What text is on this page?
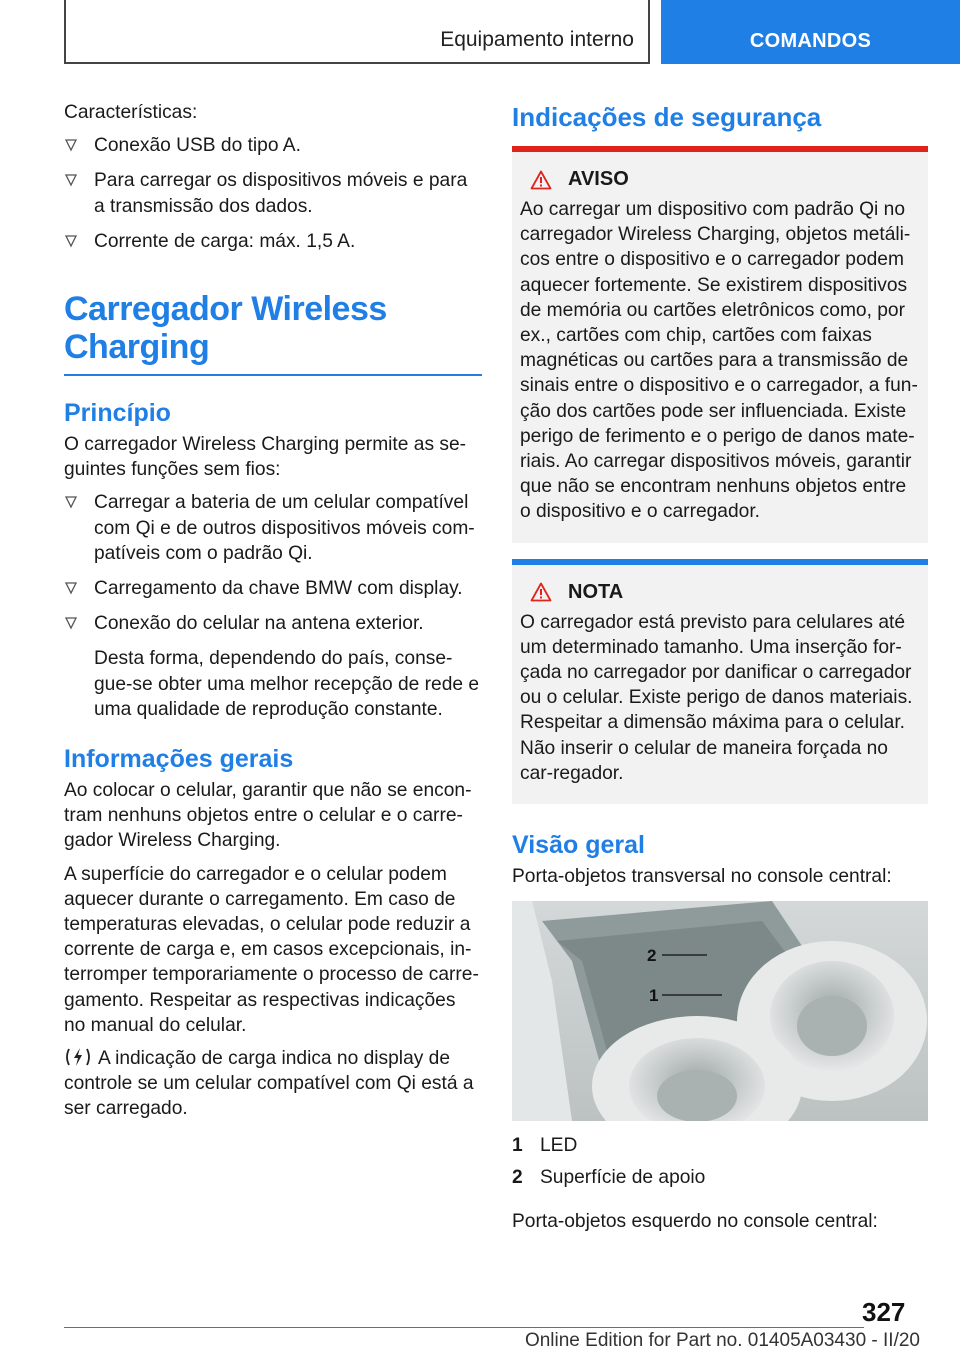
Equipamento interno	COMANDOS

Características:

Conexão USB do tipo A.
Para carregar os dispositivos móveis e para a transmissão dos dados.
Corrente de carga: máx. 1,5 A.
Carregador Wireless
Charging
Princípio

O carregador Wireless Charging permite as se-guintes funções sem fios:

Carregar a bateria de um celular compatível com Qi e de outros dispositivos móveis com-patíveis com o padrão Qi.
Carregamento da chave BMW com display.
Conexão do celular na antena exterior.

Desta forma, dependendo do país, conse-gue-se obter uma melhor recepção de rede e uma qualidade de reprodução constante.

Informações gerais

Ao colocar o celular, garantir que não se encon-tram nenhuns objetos entre o celular e o carre-gador Wireless Charging.

A superfície do carregador e o celular podem aquecer durante o carregamento. Em caso de temperaturas elevadas, o celular pode reduzir a corrente de carga e, em casos excepcionais, in-terromper temporariamente o processo de carre-gamento. Respeitar as respectivas indicações no manual do celular.

A indicação de carga indica no display de controle se um celular compatível com Qi está a ser carregado.

Indicações de segurança
AVISO
Ao carregar um dispositivo com padrão Qi no carregador Wireless Charging, objetos metáli-cos entre o dispositivo e o carregador podem aquecer fortemente. Se existirem dispositivos de memória ou cartões eletrônicos como, por ex., cartões com chip, cartões com faixas magnéticas ou cartões para a transmissão de sinais entre o dispositivo e o carregador, a fun-ção dos cartões pode ser influenciada. Existe perigo de ferimento e o perigo de danos mate-riais. Ao carregar dispositivos móveis, garantir que não se encontram nenhuns objetos entre o dispositivo e o carregador.
NOTA
O carregador está previsto para celulares até um determinado tamanho. Uma inserção for-çada no carregador por danificar o carregador ou o celular. Existe perigo de danos materiais. Respeitar a dimensão máxima para o celular. Não inserir o celular de maneira forçada no car-regador.
Visão geral

Porta-objetos transversal no console central:

2
1
1 LED
2 Superfície de apoio

Porta-objetos esquerdo no console central:

327
Online Edition for Part no. 01405A03430 - II/20
